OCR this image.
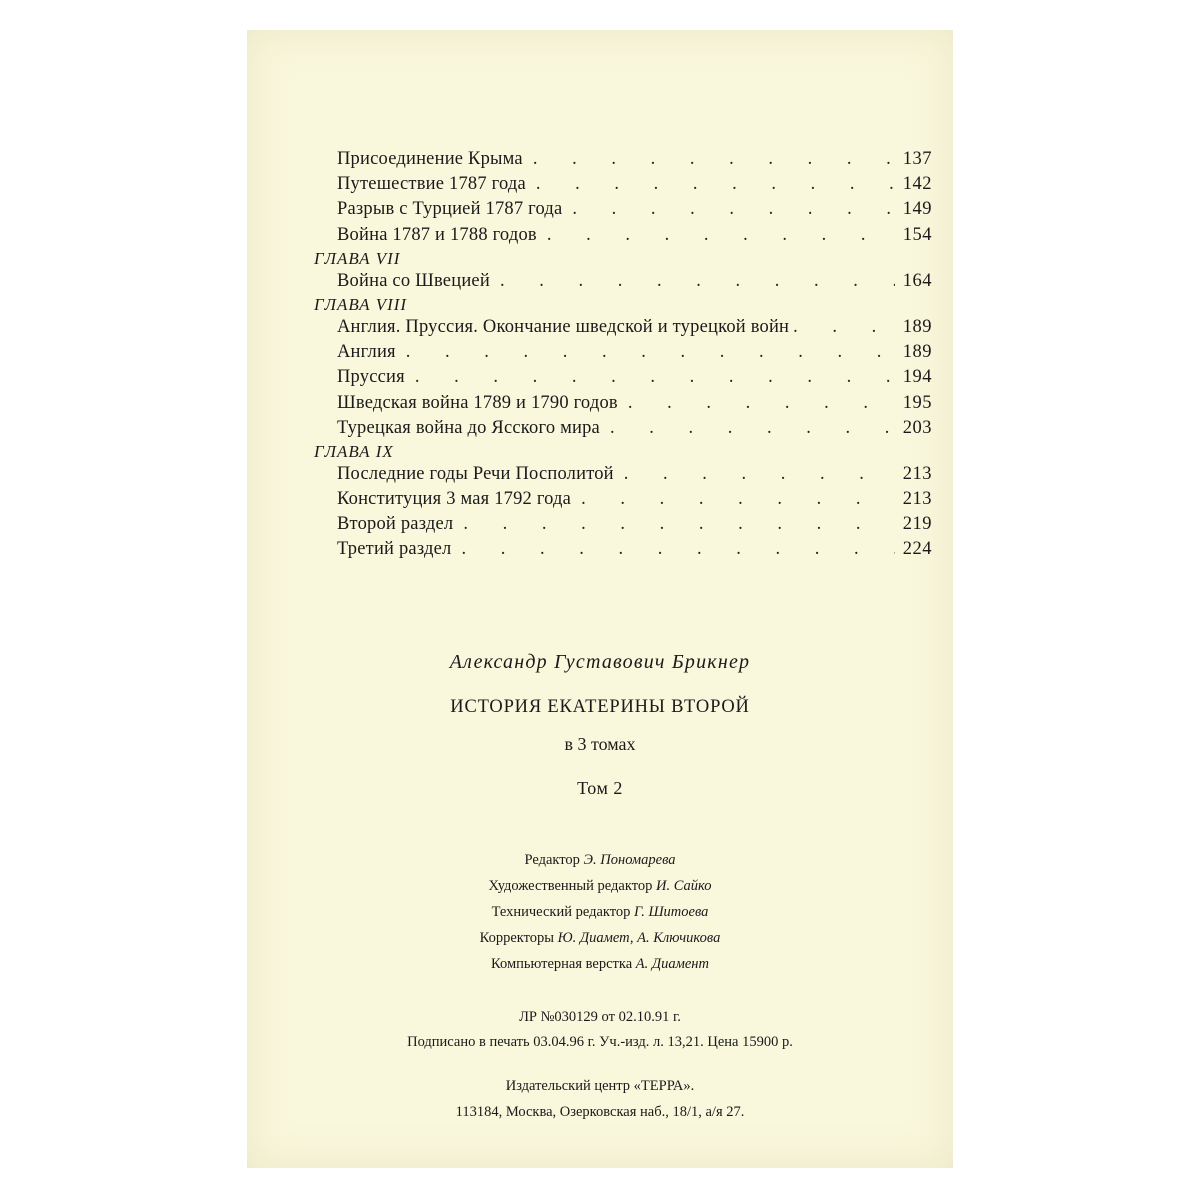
Присоединение Крыма . . .	137
Путешествие 1787 года . . .	142
Разрыв с Турцией 1787 года . . .	149
Война 1787 и 1788 годов . . .	154
ГЛАВА VII
Война со Швецией . . .	164
ГЛАВА VIII
Англия. Пруссия. Окончание шведской и турецкой войн . . .	189
Англия . . .	189
Пруссия . . .	194
Шведская война 1789 и 1790 годов . . .	195
Турецкая война до Ясского мира . . .	203
ГЛАВА IX
Последние годы Речи Посполитой . . .	213
Конституция 3 мая 1792 года . . .	213
Второй раздел . . .	219
Третий раздел . . .	224
Александр Густавович Брикнер
ИСТОРИЯ ЕКАТЕРИНЫ ВТОРОЙ
в 3 томах
Том 2
Редактор Э. Пономарева
Художественный редактор И. Сайко
Технический редактор Г. Шитоева
Корректоры Ю. Диамет, А. Ключикова
Компьютерная верстка А. Диамент
ЛР №030129 от 02.10.91 г.
Подписано в печать 03.04.96 г. Уч.-изд. л. 13,21. Цена 15900 р.
Издательский центр «ТЕРРА».
113184, Москва, Озерковская наб., 18/1, а/я 27.
